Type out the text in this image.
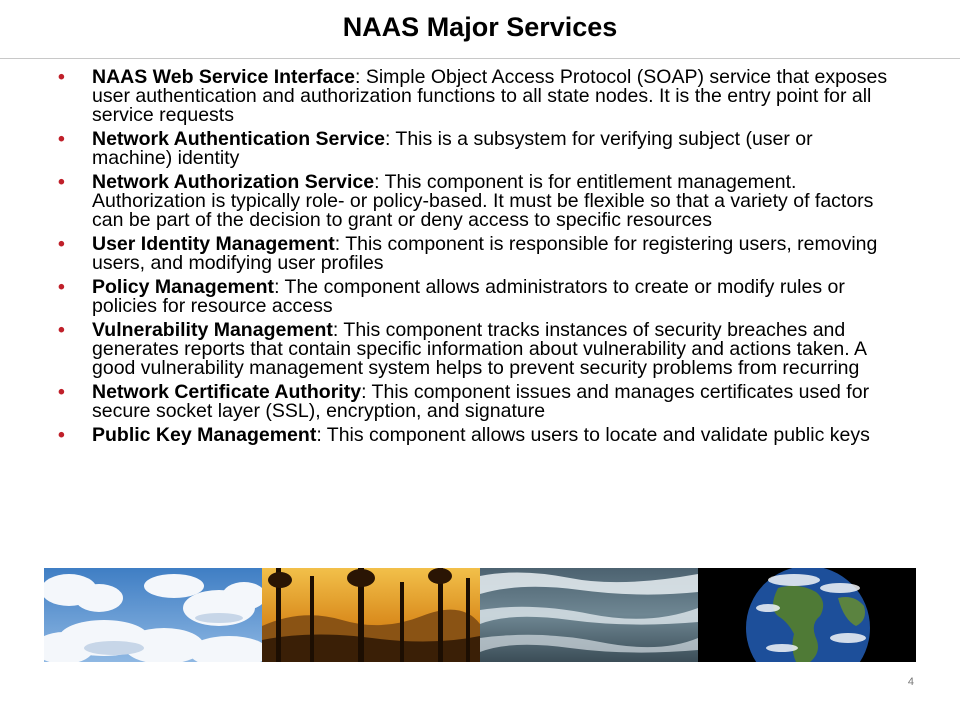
NAAS Major Services
• NAAS Web Service Interface: Simple Object Access Protocol (SOAP) service that exposes user authentication and authorization functions to all state nodes. It is the entry point for all service requests
• Network Authentication Service: This is a subsystem for verifying subject (user or machine) identity
• Network Authorization Service: This component is for entitlement management. Authorization is typically role- or policy-based. It must be flexible so that a variety of factors can be part of the decision to grant or deny access to specific resources
• User Identity Management: This component is responsible for registering users, removing users, and modifying user profiles
• Policy Management: The component allows administrators to create or modify rules or policies for resource access
• Vulnerability Management: This component tracks instances of security breaches and generates reports that contain specific information about vulnerability and actions taken. A good vulnerability management system helps to prevent security problems from recurring
• Network Certificate Authority: This component issues and manages certificates used for secure socket layer (SSL), encryption, and signature
• Public Key Management: This component allows users to locate and validate public keys
4
